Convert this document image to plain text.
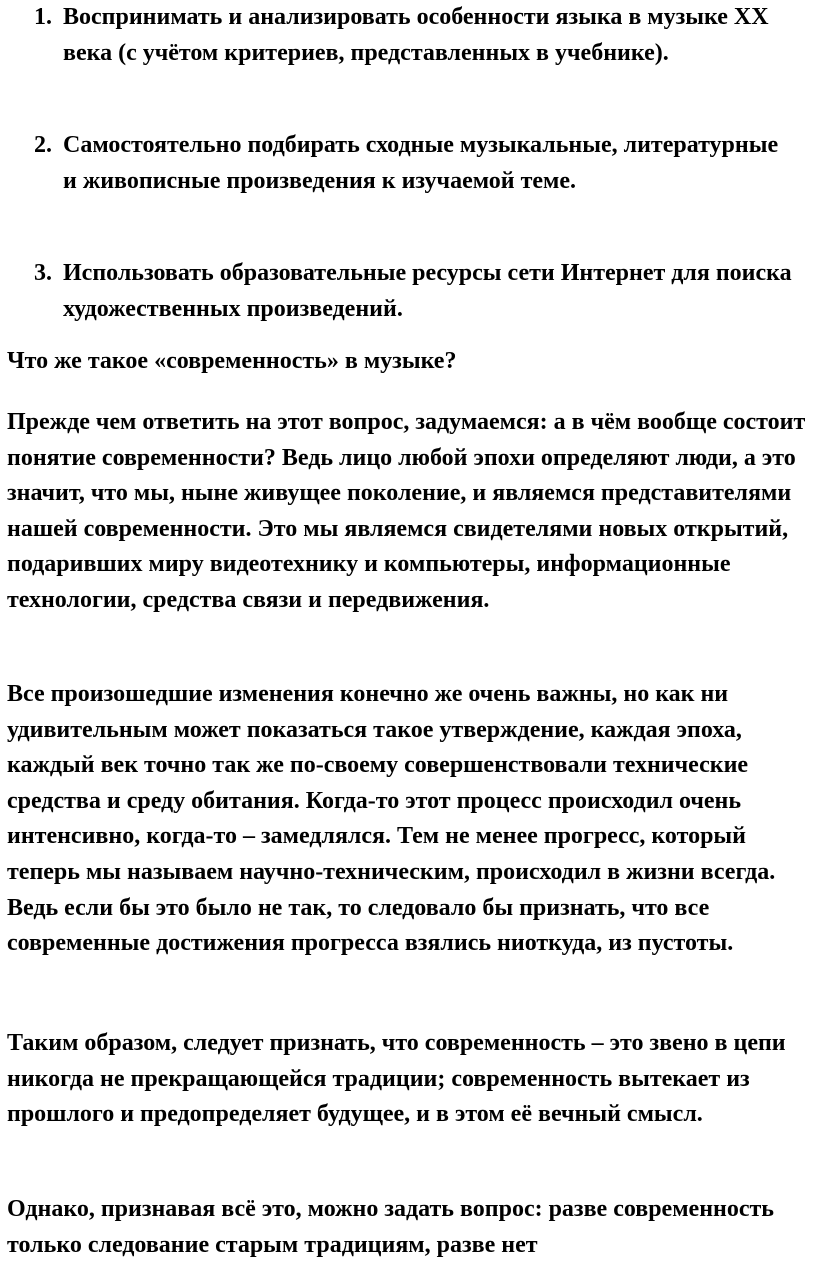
1. Воспринимать и анализировать особенности языка в музыке XX века (с учётом критериев, представленных в учебнике).
2. Самостоятельно подбирать сходные музыкальные, литературные и живописные произведения к изучаемой теме.
3. Использовать образовательные ресурсы сети Интернет для поиска художественных произведений.

Что же такое «современность» в музыке?

Прежде чем ответить на этот вопрос, задумаемся: а в чём вообще состоит понятие современности? Ведь лицо любой эпохи определяют люди, а это значит, что мы, ныне живущее поколение, и являемся представителями нашей современности. Это мы являемся свидетелями новых открытий, подаривших миру видеотехнику и компьютеры, информационные технологии, средства связи и передвижения.

Все произошедшие изменения конечно же очень важны, но как ни удивительным может показаться такое утверждение, каждая эпоха, каждый век точно так же по-своему совершенствовали технические средства и среду обитания. Когда-то этот процесс происходил очень интенсивно, когда-то – замедлялся. Тем не менее прогресс, который теперь мы называем научно-техническим, происходил в жизни всегда. Ведь если бы это было не так, то следовало бы признать, что все современные достижения прогресса взялись ниоткуда, из пустоты.

Таким образом, следует признать, что современность – это звено в цепи никогда не прекращающейся традиции; современность вытекает из прошлого и предопределяет будущее, и в этом её вечный смысл.

Однако, признавая всё это, можно задать вопрос: разве современность только следование старым традициям, разве нет
